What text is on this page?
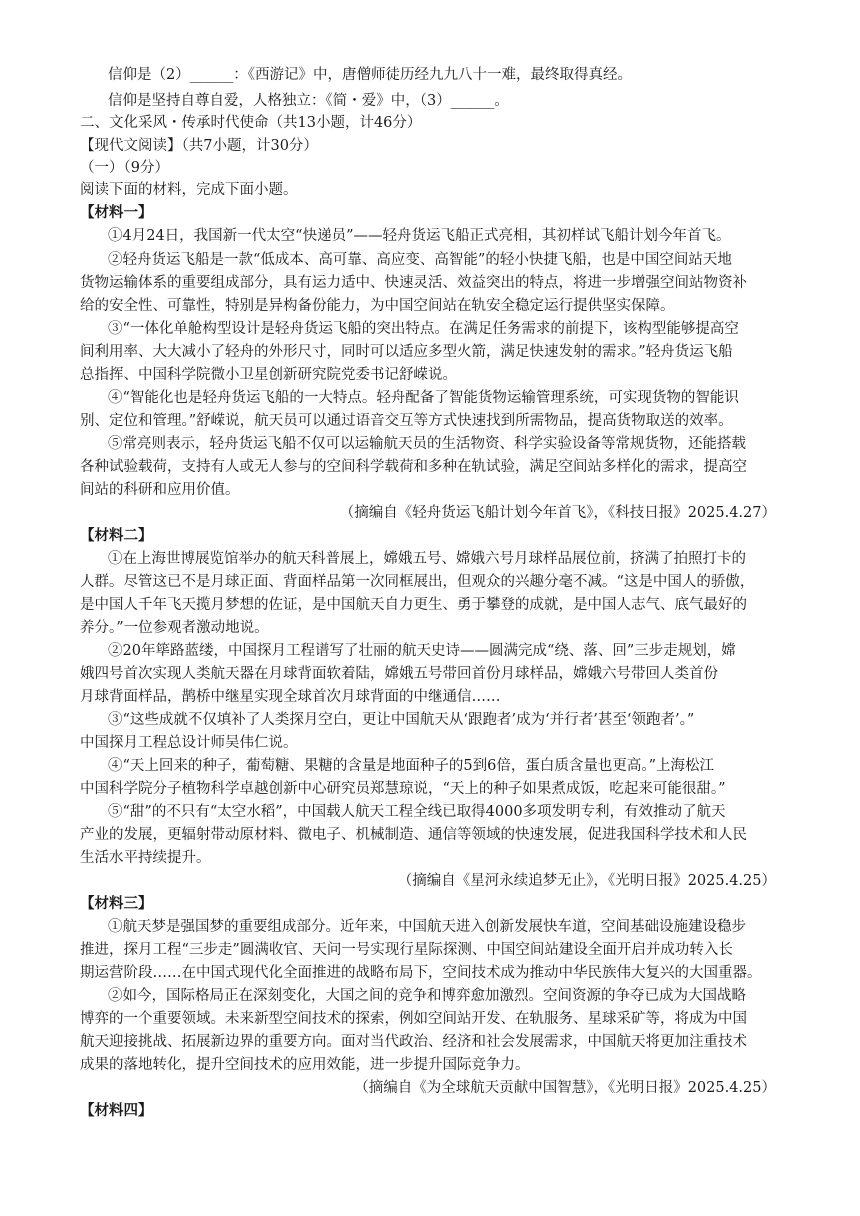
信仰是（2）______：《西游记》中，唐僧师徒历经九九八十一难，最终取得真经。
信仰是坚持自尊自爱，人格独立：《简・爱》中，（3）______。
二、文化采风・传承时代使命（共13小题，计46分）
【现代文阅读】（共7小题，计30分）
（一）（9分）
阅读下面的材料，完成下面小题。
【材料一】
①4月24日，我国新一代太空“快递员”——轻舟货运飞船正式亮相，其初样试飞船计划今年首飞。
②轻舟货运飞船是一款“低成本、高可靠、高应变、高智能”的轻小快捷飞船，也是中国空间站天地
货物运输体系的重要组成部分，具有运力适中、快速灵活、效益突出的特点，将进一步增强空间站物资补
给的安全性、可靠性，特别是异构备份能力，为中国空间站在轨安全稳定运行提供坚实保障。
③“一体化单舱构型设计是轻舟货运飞船的突出特点。在满足任务需求的前提下，该构型能够提高空
间利用率、大大减小了轻舟的外形尺寸，同时可以适应多型火箭，满足快速发射的需求。”轻舟货运飞船
总指挥、中国科学院微小卫星创新研究院党委书记舒嵘说。
④“智能化也是轻舟货运飞船的一大特点。轻舟配备了智能货物运输管理系统，可实现货物的智能识
别、定位和管理。”舒嵘说，航天员可以通过语音交互等方式快速找到所需物品，提高货物取送的效率。
⑤常亮则表示，轻舟货运飞船不仅可以运输航天员的生活物资、科学实验设备等常规货物，还能搭载
各种试验载荷，支持有人或无人参与的空间科学载荷和多种在轨试验，满足空间站多样化的需求，提高空
间站的科研和应用价值。
（摘编自《轻舟货运飞船计划今年首飞》，《科技日报》2025.4.27）
【材料二】
①在上海世博展览馆举办的航天科普展上，嫦娥五号、嫦娥六号月球样品展位前，挤满了拍照打卡的
人群。尽管这已不是月球正面、背面样品第一次同框展出，但观众的兴趣分毫不减。“这是中国人的骄傲，
是中国人千年飞天揽月梦想的佐证，是中国航天自力更生、勇于攀登的成就，是中国人志气、底气最好的
养分。”一位参观者激动地说。
②20年筚路蓝缕，中国探月工程谱写了壮丽的航天史诗——圆满完成“绕、落、回”三步走规划，嫦
娥四号首次实现人类航天器在月球背面软着陆，嫦娥五号带回首份月球样品，嫦娥六号带回人类首份
月球背面样品，鹊桥中继星实现全球首次月球背面的中继通信……
③“这些成就不仅填补了人类探月空白，更让中国航天从‘跟跑者’成为‘并行者’甚至‘领跑者’。”
中国探月工程总设计师吴伟仁说。
④“天上回来的种子，葡萄糖、果糖的含量是地面种子的5到6倍，蛋白质含量也更高。”上海松江
中国科学院分子植物科学卓越创新中心研究员郑慧琼说，“天上的种子如果煮成饭，吃起来可能很甜。”
⑤“甜”的不只有“太空水稻”，中国载人航天工程全线已取得4000多项发明专利，有效推动了航天
产业的发展，更辐射带动原材料、微电子、机械制造、通信等领域的快速发展，促进我国科学技术和人民
生活水平持续提升。
（摘编自《星河永续追梦无止》，《光明日报》2025.4.25）
【材料三】
①航天梦是强国梦的重要组成部分。近年来，中国航天进入创新发展快车道，空间基础设施建设稳步
推进，探月工程“三步走”圆满收官、天问一号实现行星际探测、中国空间站建设全面开启并成功转入长
期运营阶段……在中国式现代化全面推进的战略布局下，空间技术成为推动中华民族伟大复兴的大国重器。
②如今，国际格局正在深刻变化，大国之间的竞争和博弈愈加激烈。空间资源的争夺已成为大国战略
博弈的一个重要领域。未来新型空间技术的探索，例如空间站开发、在轨服务、星球采矿等，将成为中国
航天迎接挑战、拓展新边界的重要方向。面对当代政治、经济和社会发展需求，中国航天将更加注重技术
成果的落地转化，提升空间技术的应用效能，进一步提升国际竞争力。
（摘编自《为全球航天贡献中国智慧》，《光明日报》2025.4.25）
【材料四】
